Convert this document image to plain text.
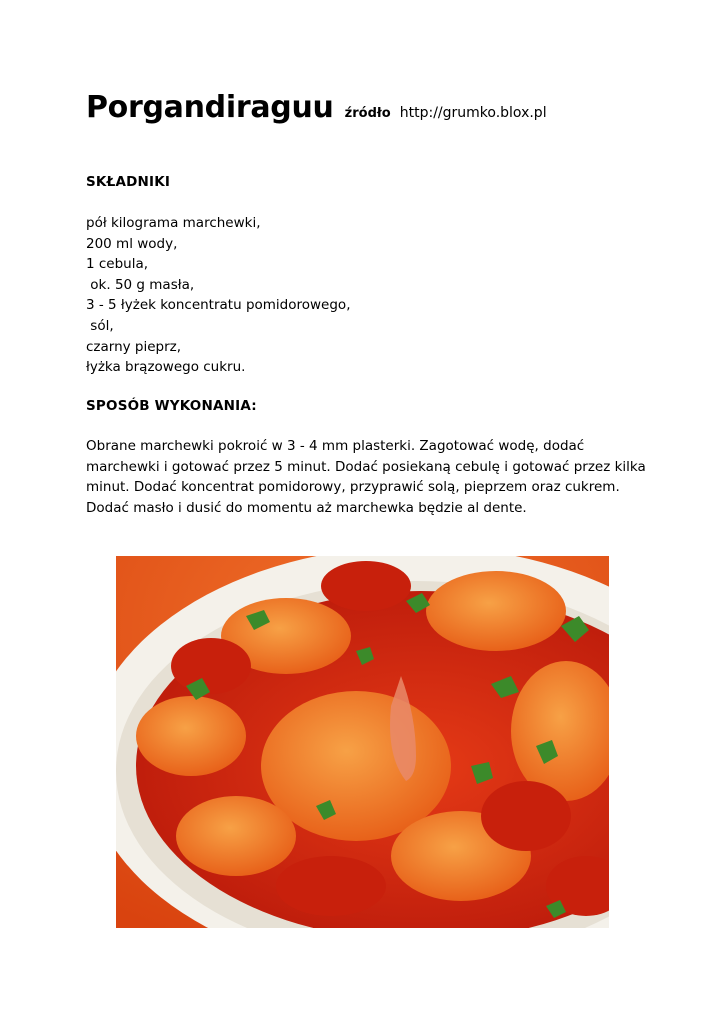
Porgandiraguu źródło http://grumko.blox.pl
SKŁADNIKI
pół kilograma marchewki,
200 ml wody,
1 cebula,
ok. 50 g masła,
3 - 5 łyżek koncentratu pomidorowego,
sól,
czarny pieprz,
łyżka brązowego cukru.
SPOSÓB WYKONANIA:

Obrane marchewki pokroić w 3 - 4 mm plasterki. Zagotować wodę, dodać marchewki i gotować przez 5 minut. Dodać posiekaną cebulę i gotować przez kilka minut. Dodać koncentrat pomidorowy, przyprawić solą, pieprzem oraz cukrem. Dodać masło i dusić do momentu aż marchewka będzie al dente.
